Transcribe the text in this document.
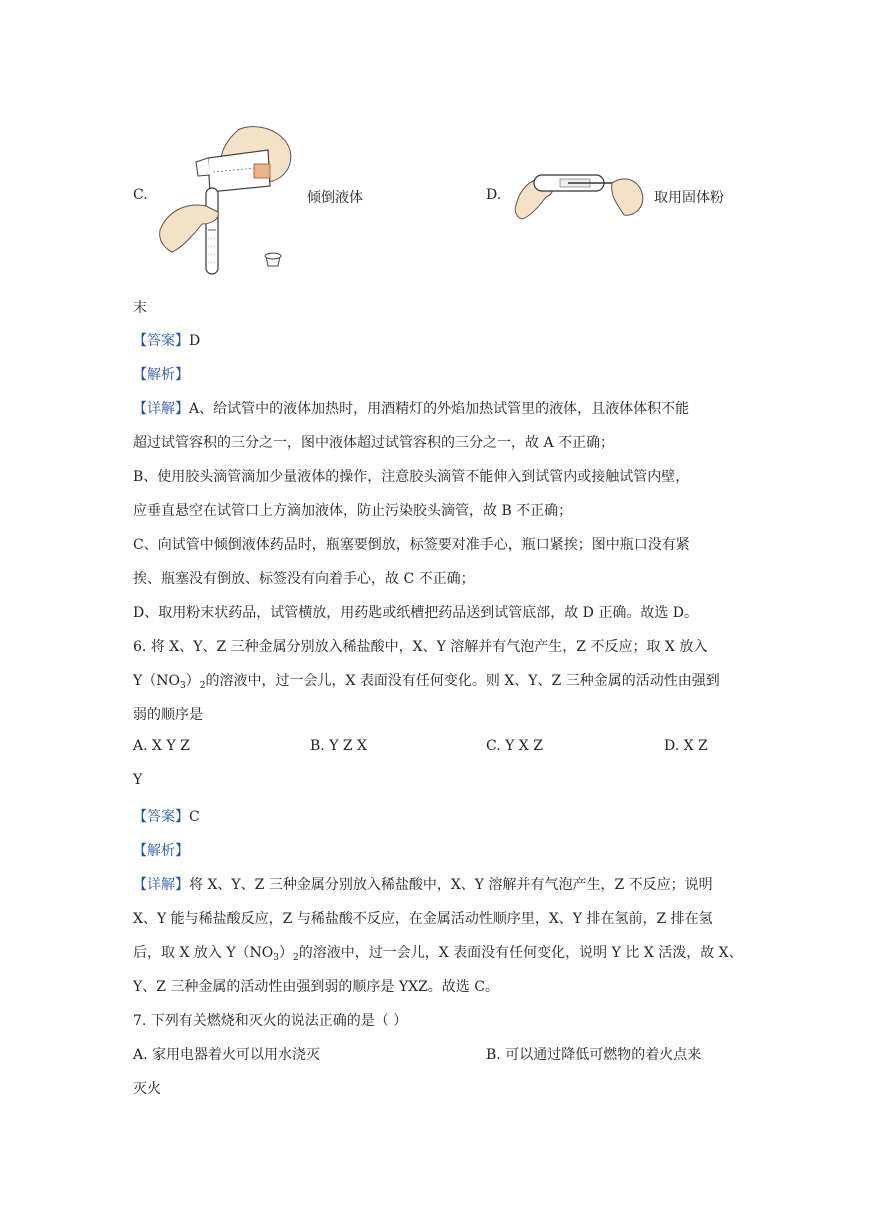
C.	倾倒液体	D.	取用固体粉
末
【答案】D
【解析】
【详解】A、给试管中的液体加热时，用酒精灯的外焰加热试管里的液体，且液体体积不能
超过试管容积的三分之一，图中液体超过试管容积的三分之一，故 A 不正确；
B、使用胶头滴管滴加少量液体的操作，注意胶头滴管不能伸入到试管内或接触试管内壁，
应垂直悬空在试管口上方滴加液体，防止污染胶头滴管，故 B 不正确；
C、向试管中倾倒液体药品时，瓶塞要倒放，标签要对准手心，瓶口紧挨；图中瓶口没有紧
挨、瓶塞没有倒放、标签没有向着手心，故 C 不正确；
D、取用粉末状药品，试管横放，用药匙或纸槽把药品送到试管底部，故 D 正确。故选 D。
6. 将 X、Y、Z 三种金属分别放入稀盐酸中，X、Y 溶解并有气泡产生，Z 不反应；取 X 放入
$Y(NO_3)_2$的溶液中，过一会儿，X 表面没有任何变化。则 X、Y、Z 三种金属的活动性由强到
弱的顺序是
A. X Y Z	B. Y Z X	C. Y X Z	D. X Z
Y
【答案】C
【解析】
【详解】将 X、Y、Z 三种金属分别放入稀盐酸中，X、Y 溶解并有气泡产生，Z 不反应；说明
X、Y 能与稀盐酸反应，Z 与稀盐酸不反应，在金属活动性顺序里，X、Y 排在氢前，Z 排在氢
后，取 X 放入 $Y(NO_3)_2$的溶液中，过一会儿，X 表面没有任何变化，说明 Y 比 X 活泼，故 X、
Y、Z 三种金属的活动性由强到弱的顺序是 YXZ。故选 C。
7. 下列有关燃烧和灭火的说法正确的是（ ）
A. 家用电器着火可以用水浇灭	B. 可以通过降低可燃物的着火点来
灭火
